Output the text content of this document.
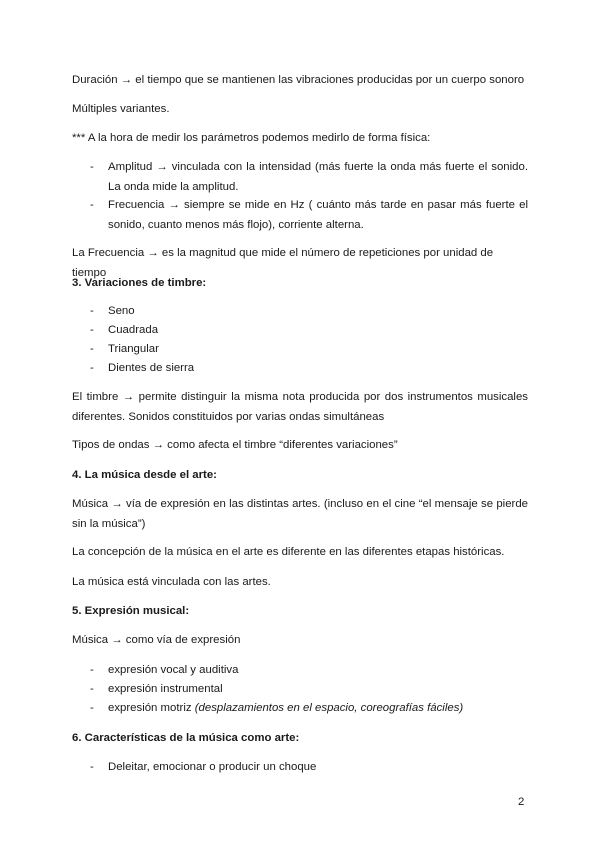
Duración → el tiempo que se mantienen las vibraciones producidas por un cuerpo sonoro

Múltiples variantes.

*** A la hora de medir los parámetros podemos medirlo de forma física:

- Amplitud → vinculada con la intensidad (más fuerte la onda más fuerte el sonido. La onda mide la amplitud.
- Frecuencia → siempre se mide en Hz ( cuánto más tarde en pasar más fuerte el sonido, cuanto menos más flojo), corriente alterna.

La Frecuencia → es la magnitud que mide el número de repeticiones por unidad de tiempo

3. Variaciones de timbre:

- Seno
- Cuadrada
- Triangular
- Dientes de sierra

El timbre → permite distinguir la misma nota producida por dos instrumentos musicales diferentes. Sonidos constituidos por varias ondas simultáneas

Tipos de ondas → como afecta el timbre “diferentes variaciones”

4. La música desde el arte:

Música → vía de expresión en las distintas artes. (incluso en el cine “el mensaje se pierde sin la música”)

La concepción de la música en el arte es diferente en las diferentes etapas históricas.

La música está vinculada con las artes.

5. Expresión musical:

Música → como vía de expresión

- expresión vocal y auditiva
- expresión instrumental
- expresión motriz (desplazamientos en el espacio, coreografías fáciles)

6. Características de la música como arte:

- Deleitar, emocionar o producir un choque
2
